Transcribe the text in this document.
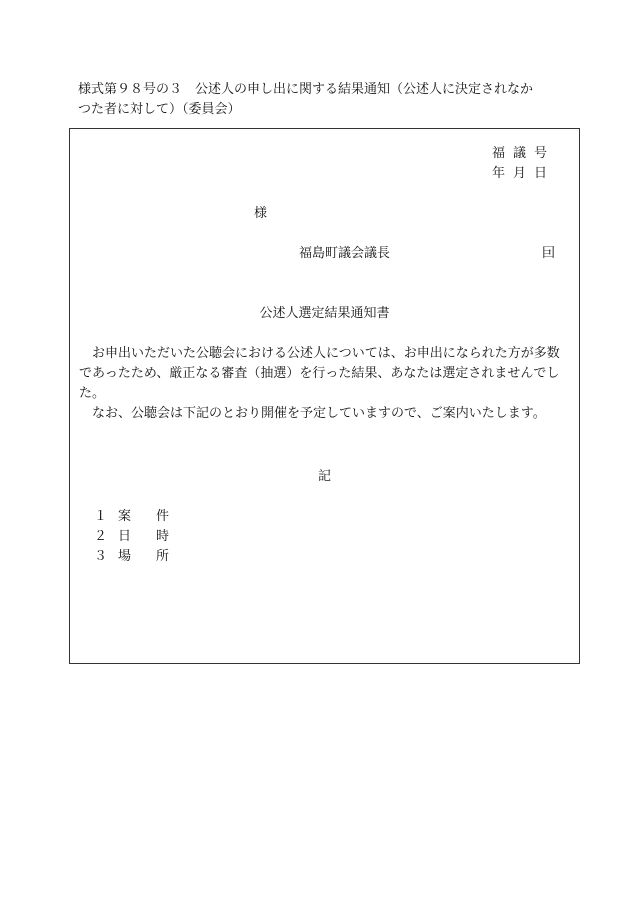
様式第９８号の３　公述人の申し出に関する結果通知（公述人に決定されなか
つた者に対して）（委員会）
福議号
年月日
様
福島町議会議長	囙
公述人選定結果通知書

お申出いただいた公聴会における公述人については、お申出になられた方が多数であったため、厳正なる審査（抽選）を行った結果、あなたは選定されませんでした。

なお、公聴会は下記のとおり開催を予定していますので、ご案内いたします。

記
１ 案件
２ 日時
３ 場所
